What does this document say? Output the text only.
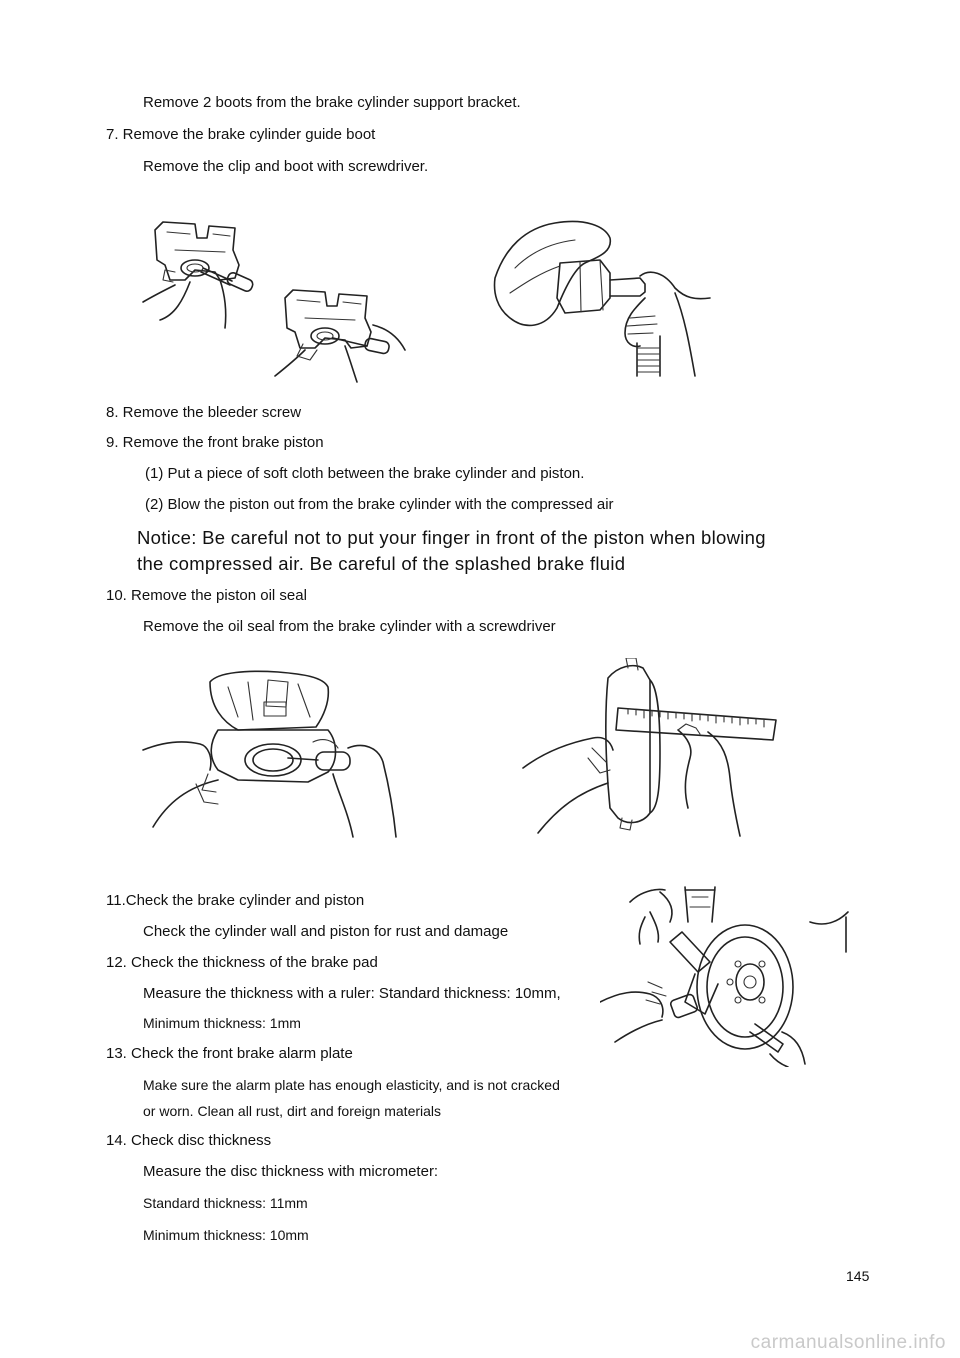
Remove 2 boots from the brake cylinder support bracket.
7. Remove the brake cylinder guide boot
Remove the clip and boot with screwdriver.
8. Remove the bleeder screw
9. Remove the front brake piston
(1) Put a piece of soft cloth between the brake cylinder and piston.
(2) Blow the piston out from the brake cylinder with the compressed air
Notice: Be careful not to put your finger in front of the piston when blowing
the compressed air. Be careful of the splashed brake fluid
10. Remove the piston oil seal
Remove the oil seal from the brake cylinder with a screwdriver
11.Check the brake cylinder and piston
Check the cylinder wall and piston for rust and damage
12. Check the thickness of the brake pad
Measure the thickness with a ruler: Standard thickness: 10mm,
Minimum thickness: 1mm
13. Check the front brake alarm plate
Make sure the alarm plate has enough elasticity, and is not cracked
or worn. Clean all rust, dirt and foreign materials
14. Check disc thickness
Measure the disc thickness with micrometer:
Standard thickness: 11mm
Minimum thickness: 10mm
145
carmanualsonline.info
